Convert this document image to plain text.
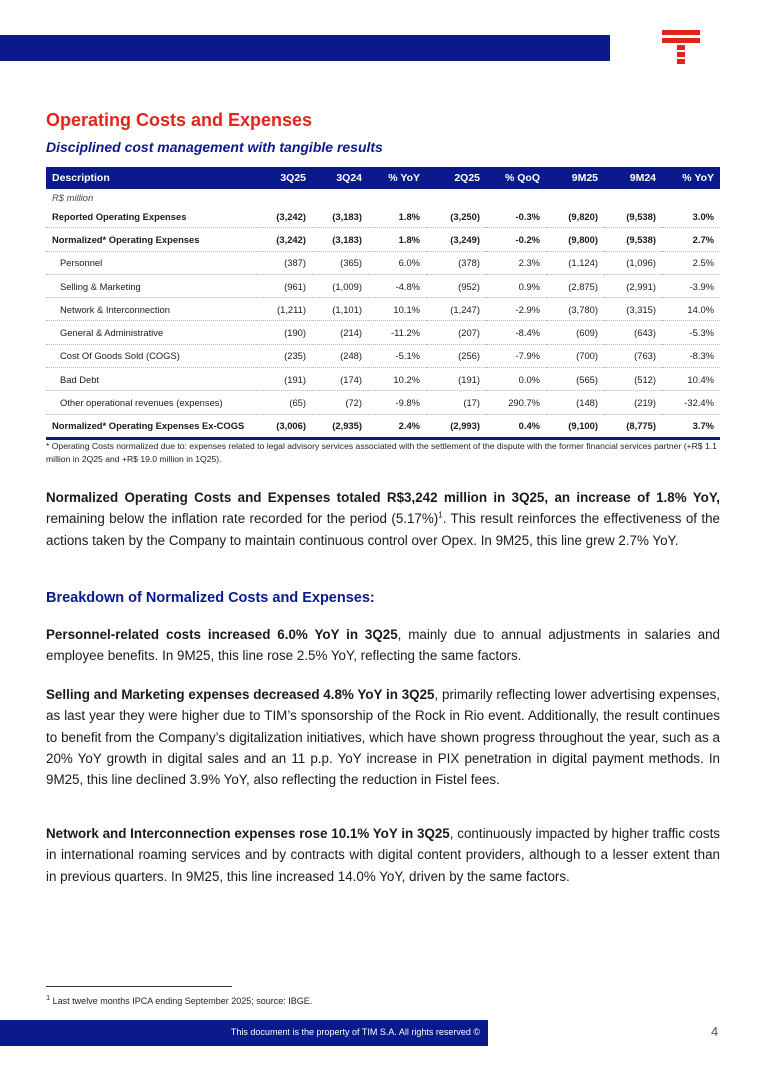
Operating Costs and Expenses
Disciplined cost management with tangible results
Description	3Q25	3Q24	% YoY	2Q25	% QoQ	9M25	9M24	% YoY
R$ million								
Reported Operating Expenses	(3,242)	(3,183)	1.8%	(3,250)	-0.3%	(9,820)	(9,538)	3.0%
Normalized* Operating Expenses	(3,242)	(3,183)	1.8%	(3,249)	-0.2%	(9,800)	(9,538)	2.7%
Personnel	(387)	(365)	6.0%	(378)	2.3%	(1,124)	(1,096)	2.5%
Selling & Marketing	(961)	(1,009)	-4.8%	(952)	0.9%	(2,875)	(2,991)	-3.9%
Network & Interconnection	(1,211)	(1,101)	10.1%	(1,247)	-2.9%	(3,780)	(3,315)	14.0%
General & Administrative	(190)	(214)	-11.2%	(207)	-8.4%	(609)	(643)	-5.3%
Cost Of Goods Sold (COGS)	(235)	(248)	-5.1%	(256)	-7.9%	(700)	(763)	-8.3%
Bad Debt	(191)	(174)	10.2%	(191)	0.0%	(565)	(512)	10.4%
Other operational revenues (expenses)	(65)	(72)	-9.8%	(17)	290.7%	(148)	(219)	-32.4%
Normalized* Operating Expenses Ex-COGS	(3,006)	(2,935)	2.4%	(2,993)	0.4%	(9,100)	(8,775)	3.7%
* Operating Costs normalized due to: expenses related to legal advisory services associated with the settlement of the dispute with the former financial services partner (+R$ 1.1 million in 2Q25 and +R$ 19.0 million in 1Q25).
Normalized Operating Costs and Expenses totaled R$3,242 million in 3Q25, an increase of 1.8% YoY, remaining below the inflation rate recorded for the period $(5.17\%)^1$. This result reinforces the effectiveness of the actions taken by the Company to maintain continuous control over Opex. In 9M25, this line grew 2.7% YoY.
Breakdown of Normalized Costs and Expenses:
Personnel-related costs increased 6.0% YoY in 3Q25, mainly due to annual adjustments in salaries and employee benefits. In 9M25, this line rose 2.5% YoY, reflecting the same factors.
Selling and Marketing expenses decreased 4.8% YoY in 3Q25, primarily reflecting lower advertising expenses, as last year they were higher due to TIM’s sponsorship of the Rock in Rio event. Additionally, the result continues to benefit from the Company’s digitalization initiatives, which have shown progress throughout the year, such as a 20% YoY growth in digital sales and an 11 p.p. YoY increase in PIX penetration in digital payment methods. In 9M25, this line declined 3.9% YoY, also reflecting the reduction in Fistel fees.
Network and Interconnection expenses rose 10.1% YoY in 3Q25, continuously impacted by higher traffic costs in international roaming services and by contracts with digital content providers, although to a lesser extent than in previous quarters. In 9M25, this line increased 14.0% YoY, driven by the same factors.
$^1$ Last twelve months IPCA ending September 2025; source: IBGE.
This document is the property of TIM S.A. All rights reserved ©	4
